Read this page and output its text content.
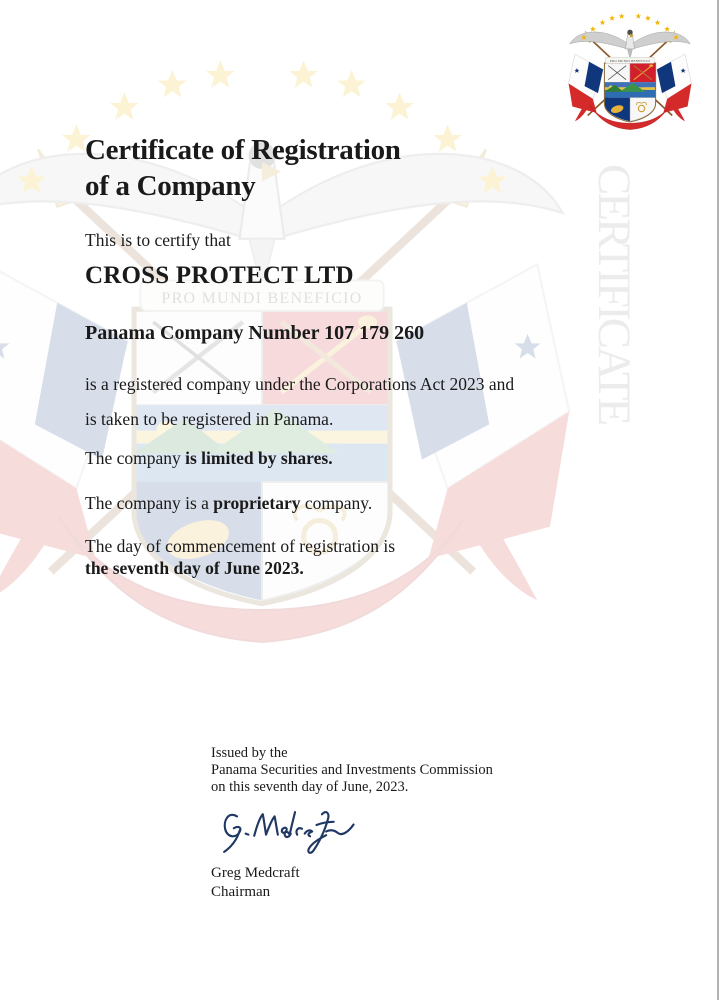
CERTIFICATE
Certificate of Registration
of a Company
This is to certify that
CROSS PROTECT LTD
Panama Company Number 107 179 260
is a registered company under the Corporations Act 2023 and
is taken to be registered in Panama.
The company is limited by shares.
The company is a proprietary company.
The day of commencement of registration is
the seventh day of June 2023.
Issued by the
Panama Securities and Investments Commission
on this seventh day of June, 2023.
Greg Medcraft
Chairman
